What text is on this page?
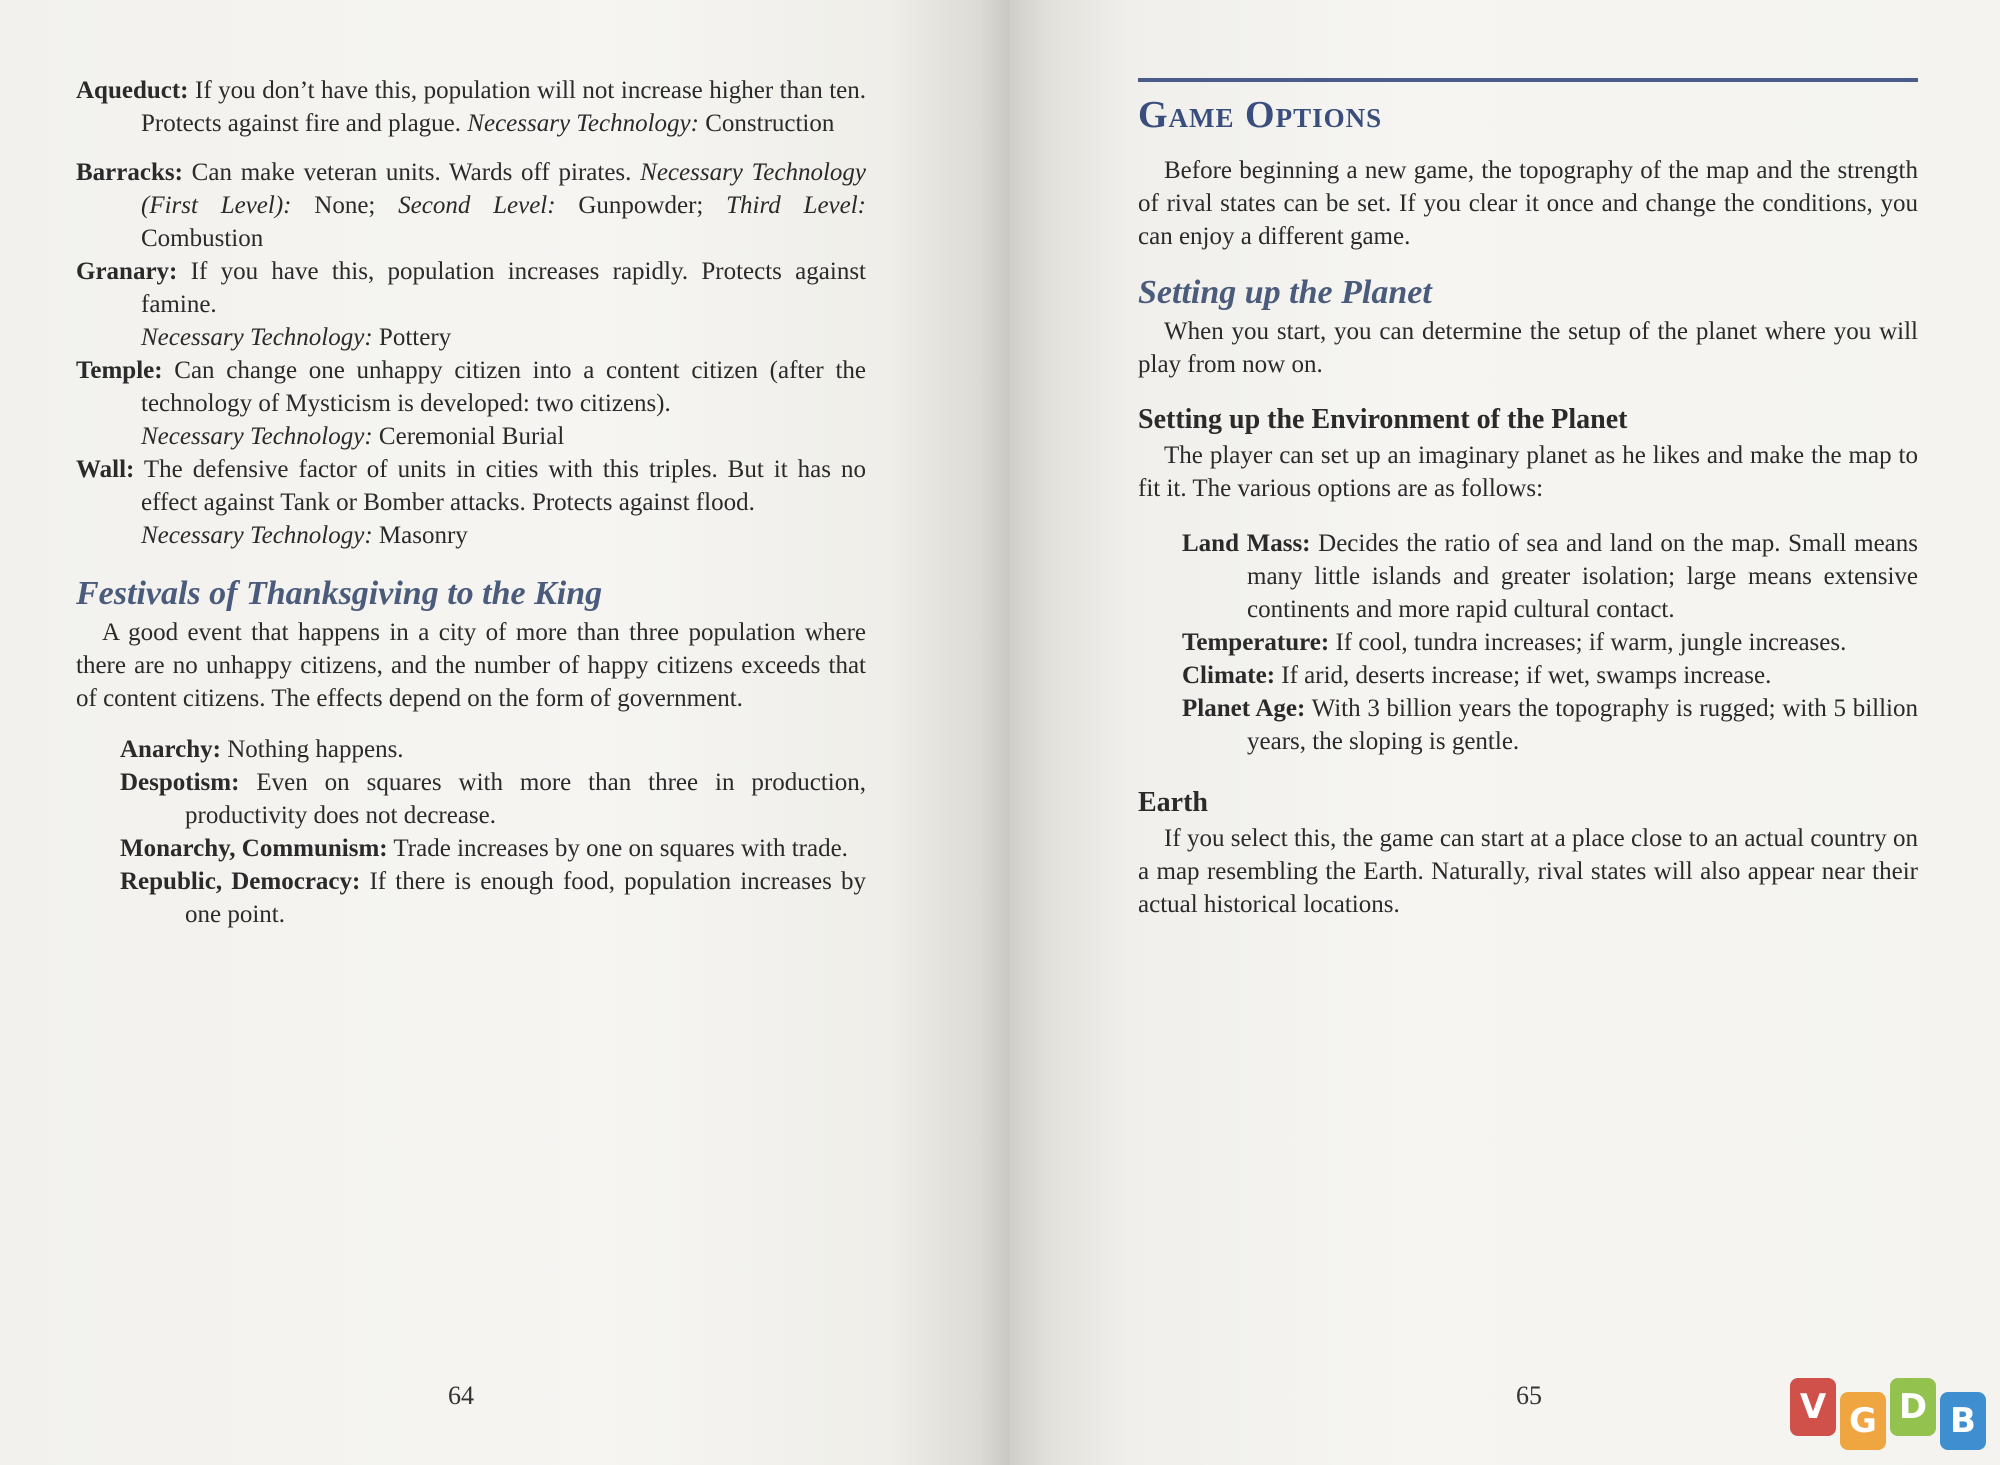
Aqueduct: If you don’t have this, population will not increase higher than ten. Protects against fire and plague. Necessary Technology: Construction

Barracks: Can make veteran units. Wards off pirates. Necessary Technology (First Level): None; Second Level: Gunpowder; Third Level: Combustion

Granary: If you have this, population increases rapidly. Protects against famine.
Necessary Technology: Pottery

Temple: Can change one unhappy citizen into a content citizen (after the technology of Mysticism is developed: two citizens).
Necessary Technology: Ceremonial Burial

Wall: The defensive factor of units in cities with this triples. But it has no effect against Tank or Bomber attacks. Protects against flood.
Necessary Technology: Masonry

Festivals of Thanksgiving to the King

A good event that happens in a city of more than three population where there are no unhappy citizens, and the number of happy citizens exceeds that of content citizens. The effects depend on the form of government.

Anarchy: Nothing happens.

Despotism: Even on squares with more than three in production, productivity does not decrease.

Monarchy, Communism: Trade increases by one on squares with trade.

Republic, Democracy: If there is enough food, population increases by one point.

64
Game Options

Before beginning a new game, the topography of the map and the strength of rival states can be set. If you clear it once and change the conditions, you can enjoy a different game.

Setting up the Planet

When you start, you can determine the setup of the planet where you will play from now on.

Setting up the Environment of the Planet

The player can set up an imaginary planet as he likes and make the map to fit it. The various options are as follows:

Land Mass: Decides the ratio of sea and land on the map. Small means many little islands and greater isolation; large means extensive continents and more rapid cultural contact.

Temperature: If cool, tundra increases; if warm, jungle increases.

Climate: If arid, deserts increase; if wet, swamps increase.

Planet Age: With 3 billion years the topography is rugged; with 5 billion years, the sloping is gentle.

Earth

If you select this, the game can start at a place close to an actual country on a map resembling the Earth. Naturally, rival states will also appear near their actual historical locations.

65	V G D B
